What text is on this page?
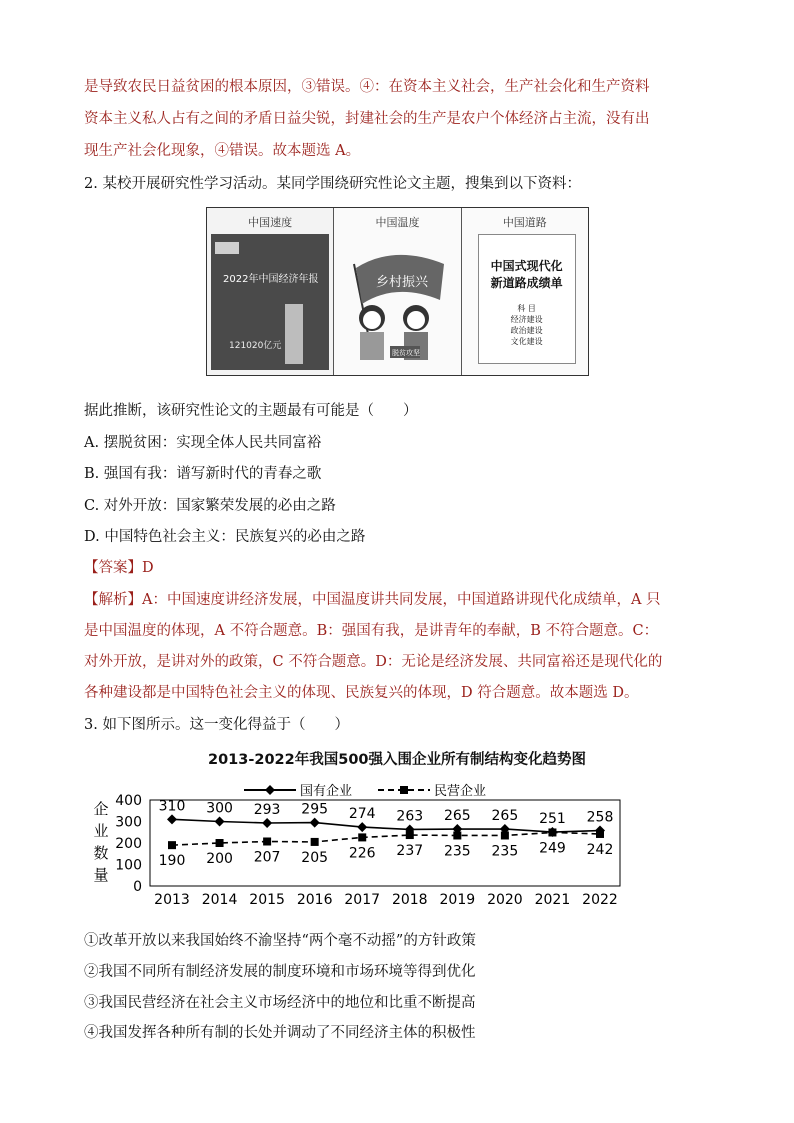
是导致农民日益贫困的根本原因，③错误。④：在资本主义社会，生产社会化和生产资料
资本主义私人占有之间的矛盾日益尖锐，封建社会的生产是农户个体经济占主流，没有出
现生产社会化现象，④错误。故本题选 A。
2. 某校开展研究性学习活动。某同学围绕研究性论文主题，搜集到以下资料：
中国速度
2022年中国经济年报
121020亿元
中国温度
乡村振兴
脱贫攻坚
中国道路
中国式现代化
新道路成绩单
科 目
经济建设
政治建设
文化建设
据此推断，该研究性论文的主题最有可能是（　　）
A. 摆脱贫困：实现全体人民共同富裕
B. 强国有我：谱写新时代的青春之歌
C. 对外开放：国家繁荣发展的必由之路
D. 中国特色社会主义：民族复兴的必由之路
【答案】D
【解析】A：中国速度讲经济发展，中国温度讲共同发展，中国道路讲现代化成绩单，A 只
是中国温度的体现，A 不符合题意。B：强国有我，是讲青年的奉献，B 不符合题意。C：
对外开放，是讲对外的政策，C 不符合题意。D：无论是经济发展、共同富裕还是现代化的
各种建设都是中国特色社会主义的体现、民族复兴的体现，D 符合题意。故本题选 D。
3. 如下图所示。这一变化得益于（　　）
2013-2022年我国500强入围企业所有制结构变化趋势图
0
100
200
300
400
企
业
数
量
2013 2014 2015 2016 2017 2018 2019 2020 2021 2022
国有企业	民营企业
310 300 293 295 274 263 265 265 251 258
190 200 207 205 226 237 235 235 249 242
①改革开放以来我国始终不渝坚持“两个毫不动摇”的方针政策
②我国不同所有制经济发展的制度环境和市场环境等得到优化
③我国民营经济在社会主义市场经济中的地位和比重不断提高
④我国发挥各种所有制的长处并调动了不同经济主体的积极性
